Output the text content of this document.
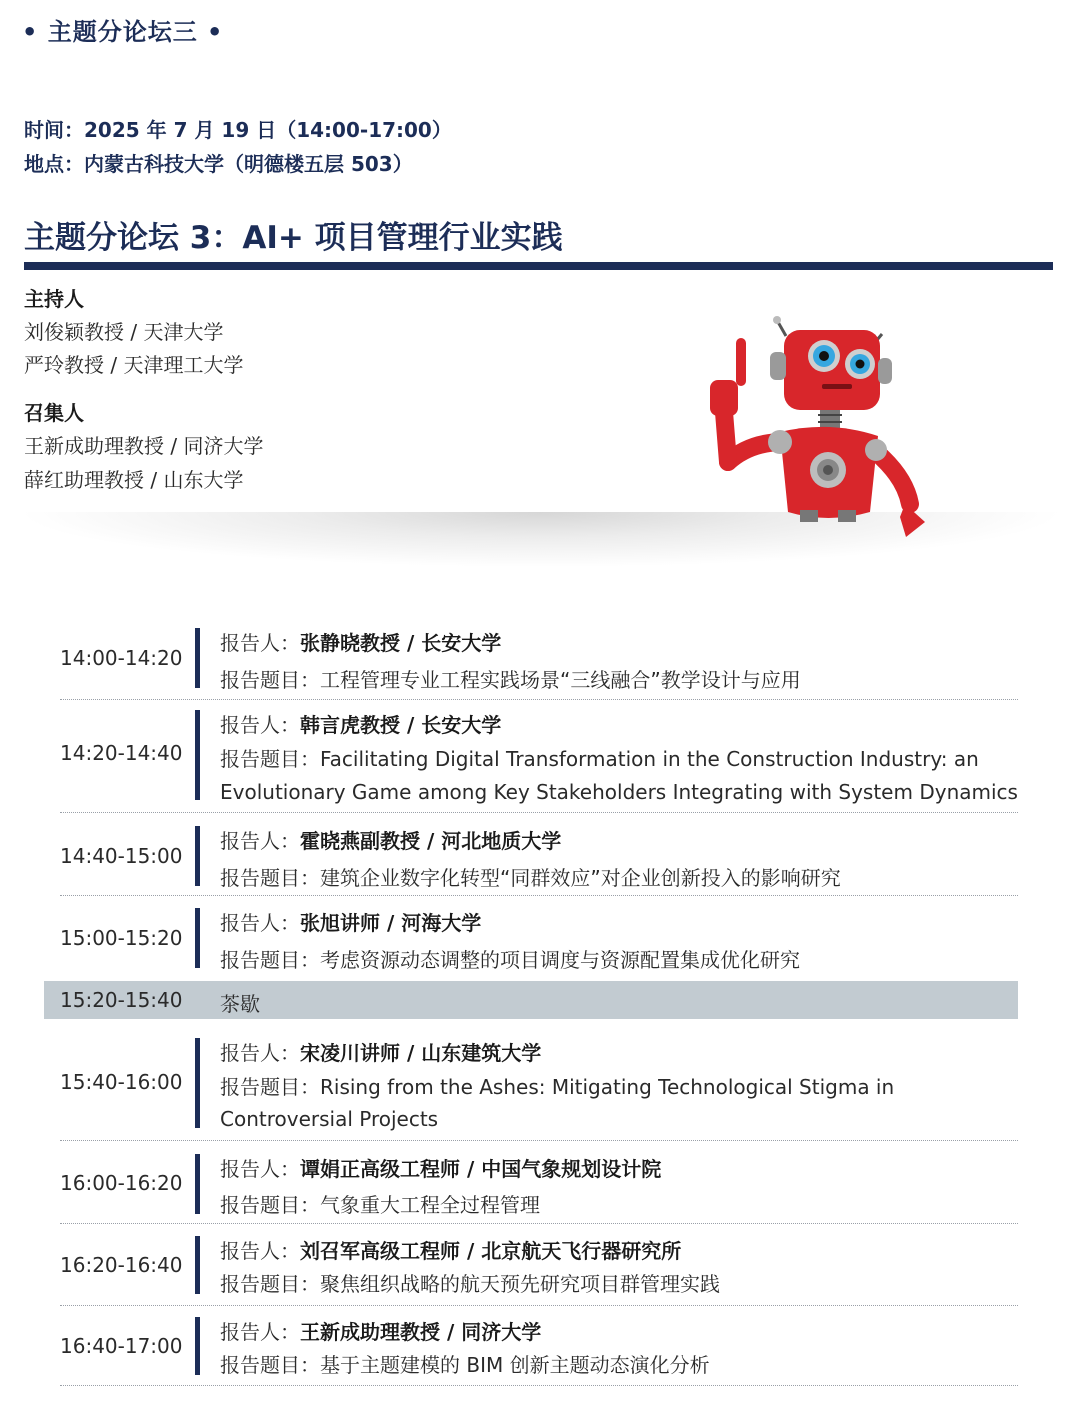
• 主题分论坛三 •
时间：2025 年 7 月 19 日（14:00-17:00）
地点：内蒙古科技大学（明德楼五层 503）
主题分论坛 3：AI+ 项目管理行业实践
主持人
刘俊颖教授 / 天津大学
严玲教授 / 天津理工大学
召集人
王新成助理教授 / 同济大学
薛红助理教授 / 山东大学
14:00-14:20
报告人：张静晓教授 / 长安大学
报告题目：工程管理专业工程实践场景“三线融合”教学设计与应用
14:20-14:40
报告人：韩言虎教授 / 长安大学
报告题目：Facilitating Digital Transformation in the Construction Industry: an
Evolutionary Game among Key Stakeholders Integrating with System Dynamics
14:40-15:00
报告人：霍晓燕副教授 / 河北地质大学
报告题目：建筑企业数字化转型“同群效应”对企业创新投入的影响研究
15:00-15:20
报告人：张旭讲师 / 河海大学
报告题目：考虑资源动态调整的项目调度与资源配置集成优化研究
15:20-15:40 茶歇
15:40-16:00
报告人：宋凌川讲师 / 山东建筑大学
报告题目：Rising from the Ashes: Mitigating Technological Stigma in
Controversial Projects
16:00-16:20
报告人：谭娟正高级工程师 / 中国气象规划设计院
报告题目：气象重大工程全过程管理
16:20-16:40
报告人：刘召军高级工程师 / 北京航天飞行器研究所
报告题目：聚焦组织战略的航天预先研究项目群管理实践
16:40-17:00
报告人：王新成助理教授 / 同济大学
报告题目：基于主题建模的 BIM 创新主题动态演化分析
